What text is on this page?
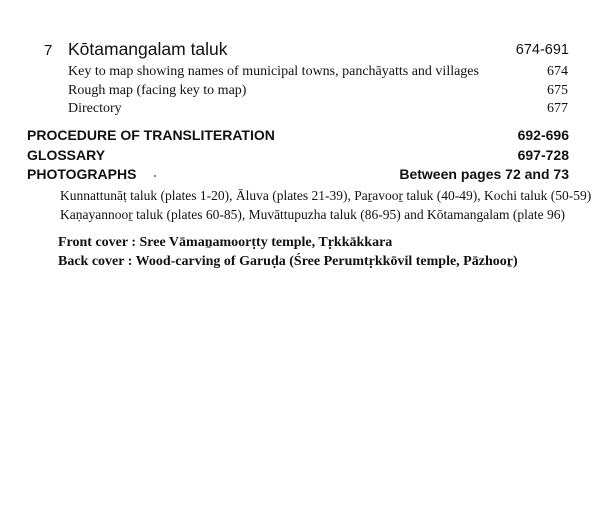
7 Kōtamangalam taluk	674-691
Key to map showing names of municipal towns, panchāyatts and villages	674
Rough map (facing key to map)	675
Directory	677
PROCEDURE OF TRANSLITERATION	692-696
GLOSSARY	697-728
PHOTOGRAPHS	Between pages 72 and 73
Kunnattunāṭ taluk (plates 1-20), Āluva (plates 21-39), Paṟavooṟ taluk (40-49), Kochi taluk (50-59)
Kaṇayannooṟ taluk (plates 60-85), Muvāttupuzha taluk (86-95) and Kōtamangalam (plate 96)
Front cover : Sree Vāmaṉamoorṭty temple, Tṛkkākkara
Back cover : Wood-carving of Garuḍa (Śree Perumtṛkkōvil temple, Pāzhooṟ)
